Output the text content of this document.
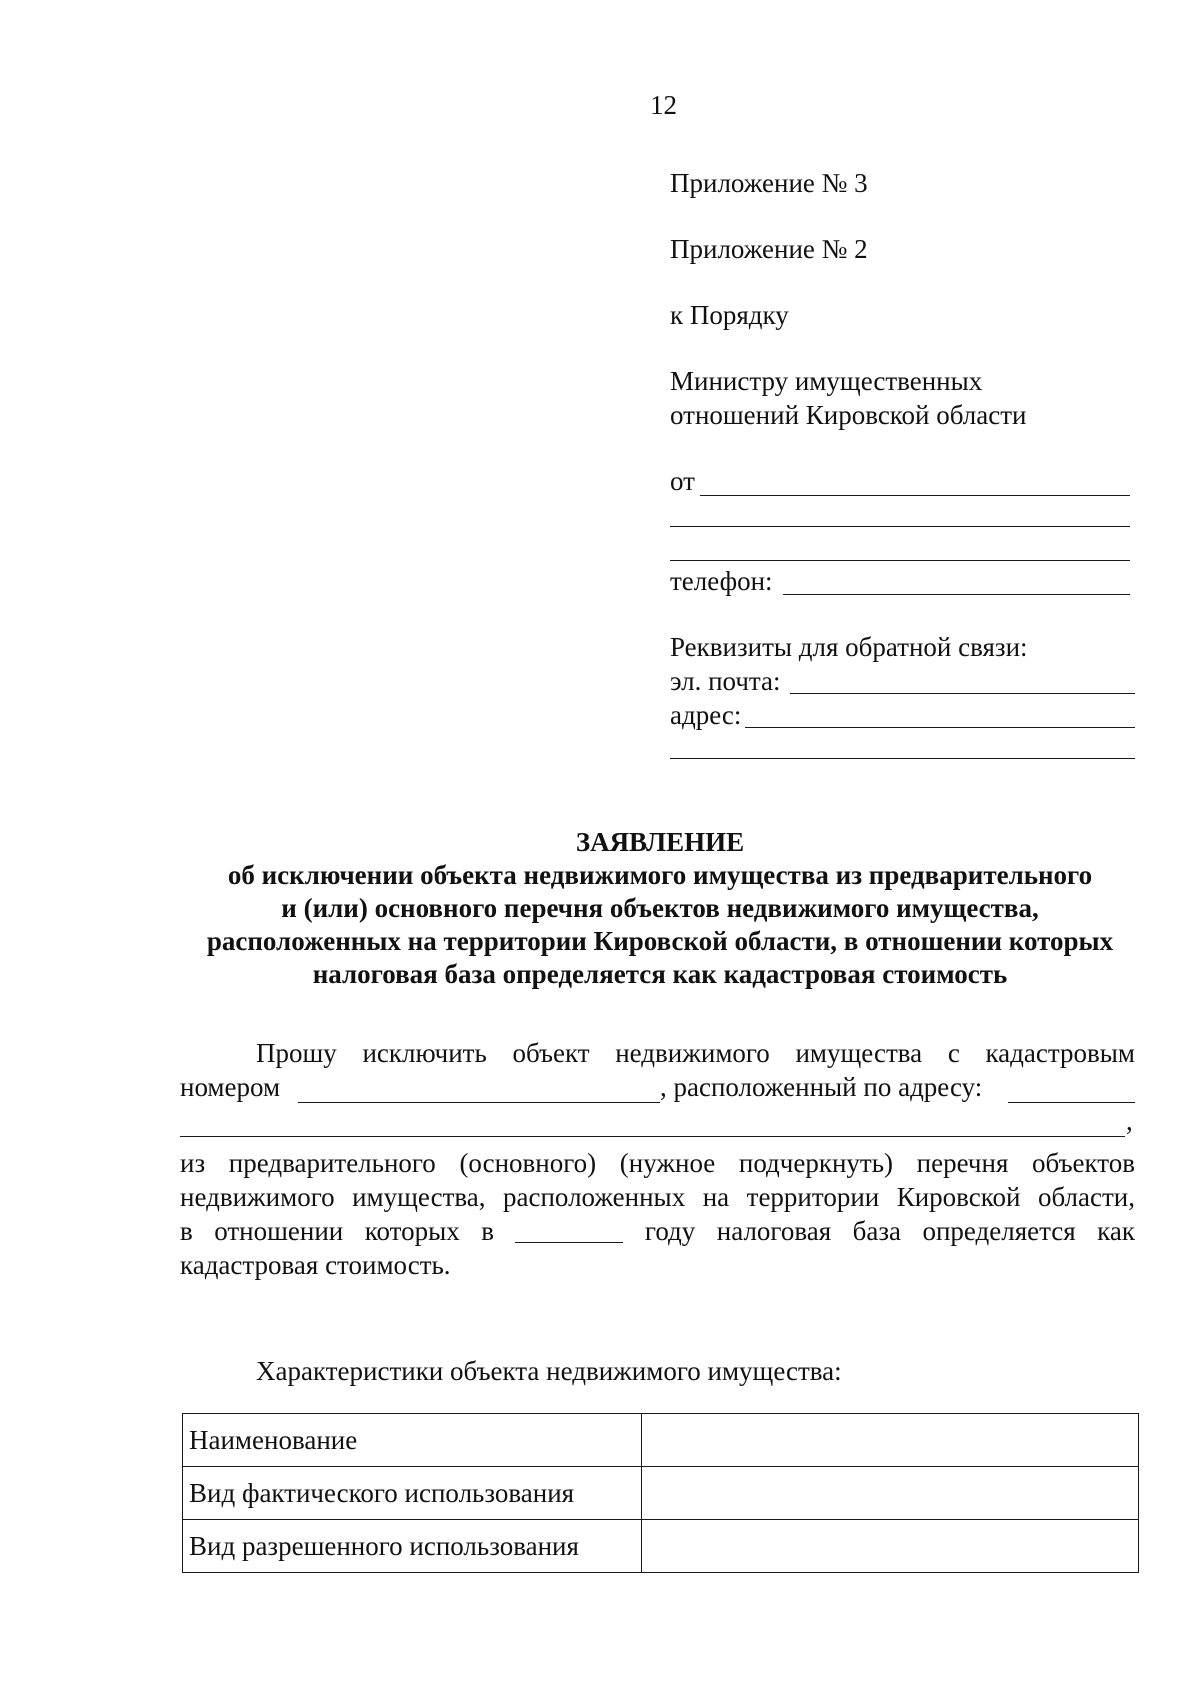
12
Приложение № 3
Приложение № 2
к Порядку
Министру имущественных
отношений Кировской области
от
телефон:
Реквизиты для обратной связи:
эл. почта:
адрес:
ЗАЯВЛЕНИЕ
об исключении объекта недвижимого имущества из предварительного
и (или) основного перечня объектов недвижимого имущества,
расположенных на территории Кировской области, в отношении которых
налоговая база определяется как кадастровая стоимость
Прошу исключить объект недвижимого имущества с кадастровым
номером	, расположенный по адресу:
,
из предварительного (основного) (нужное подчеркнуть) перечня объектов
недвижимого имущества, расположенных на территории Кировской области,
в отношении которых в	году налоговая база определяется как
кадастровая стоимость.
Характеристики объекта недвижимого имущества:
Наименование	
Вид фактического использования	
Вид разрешенного использования	
